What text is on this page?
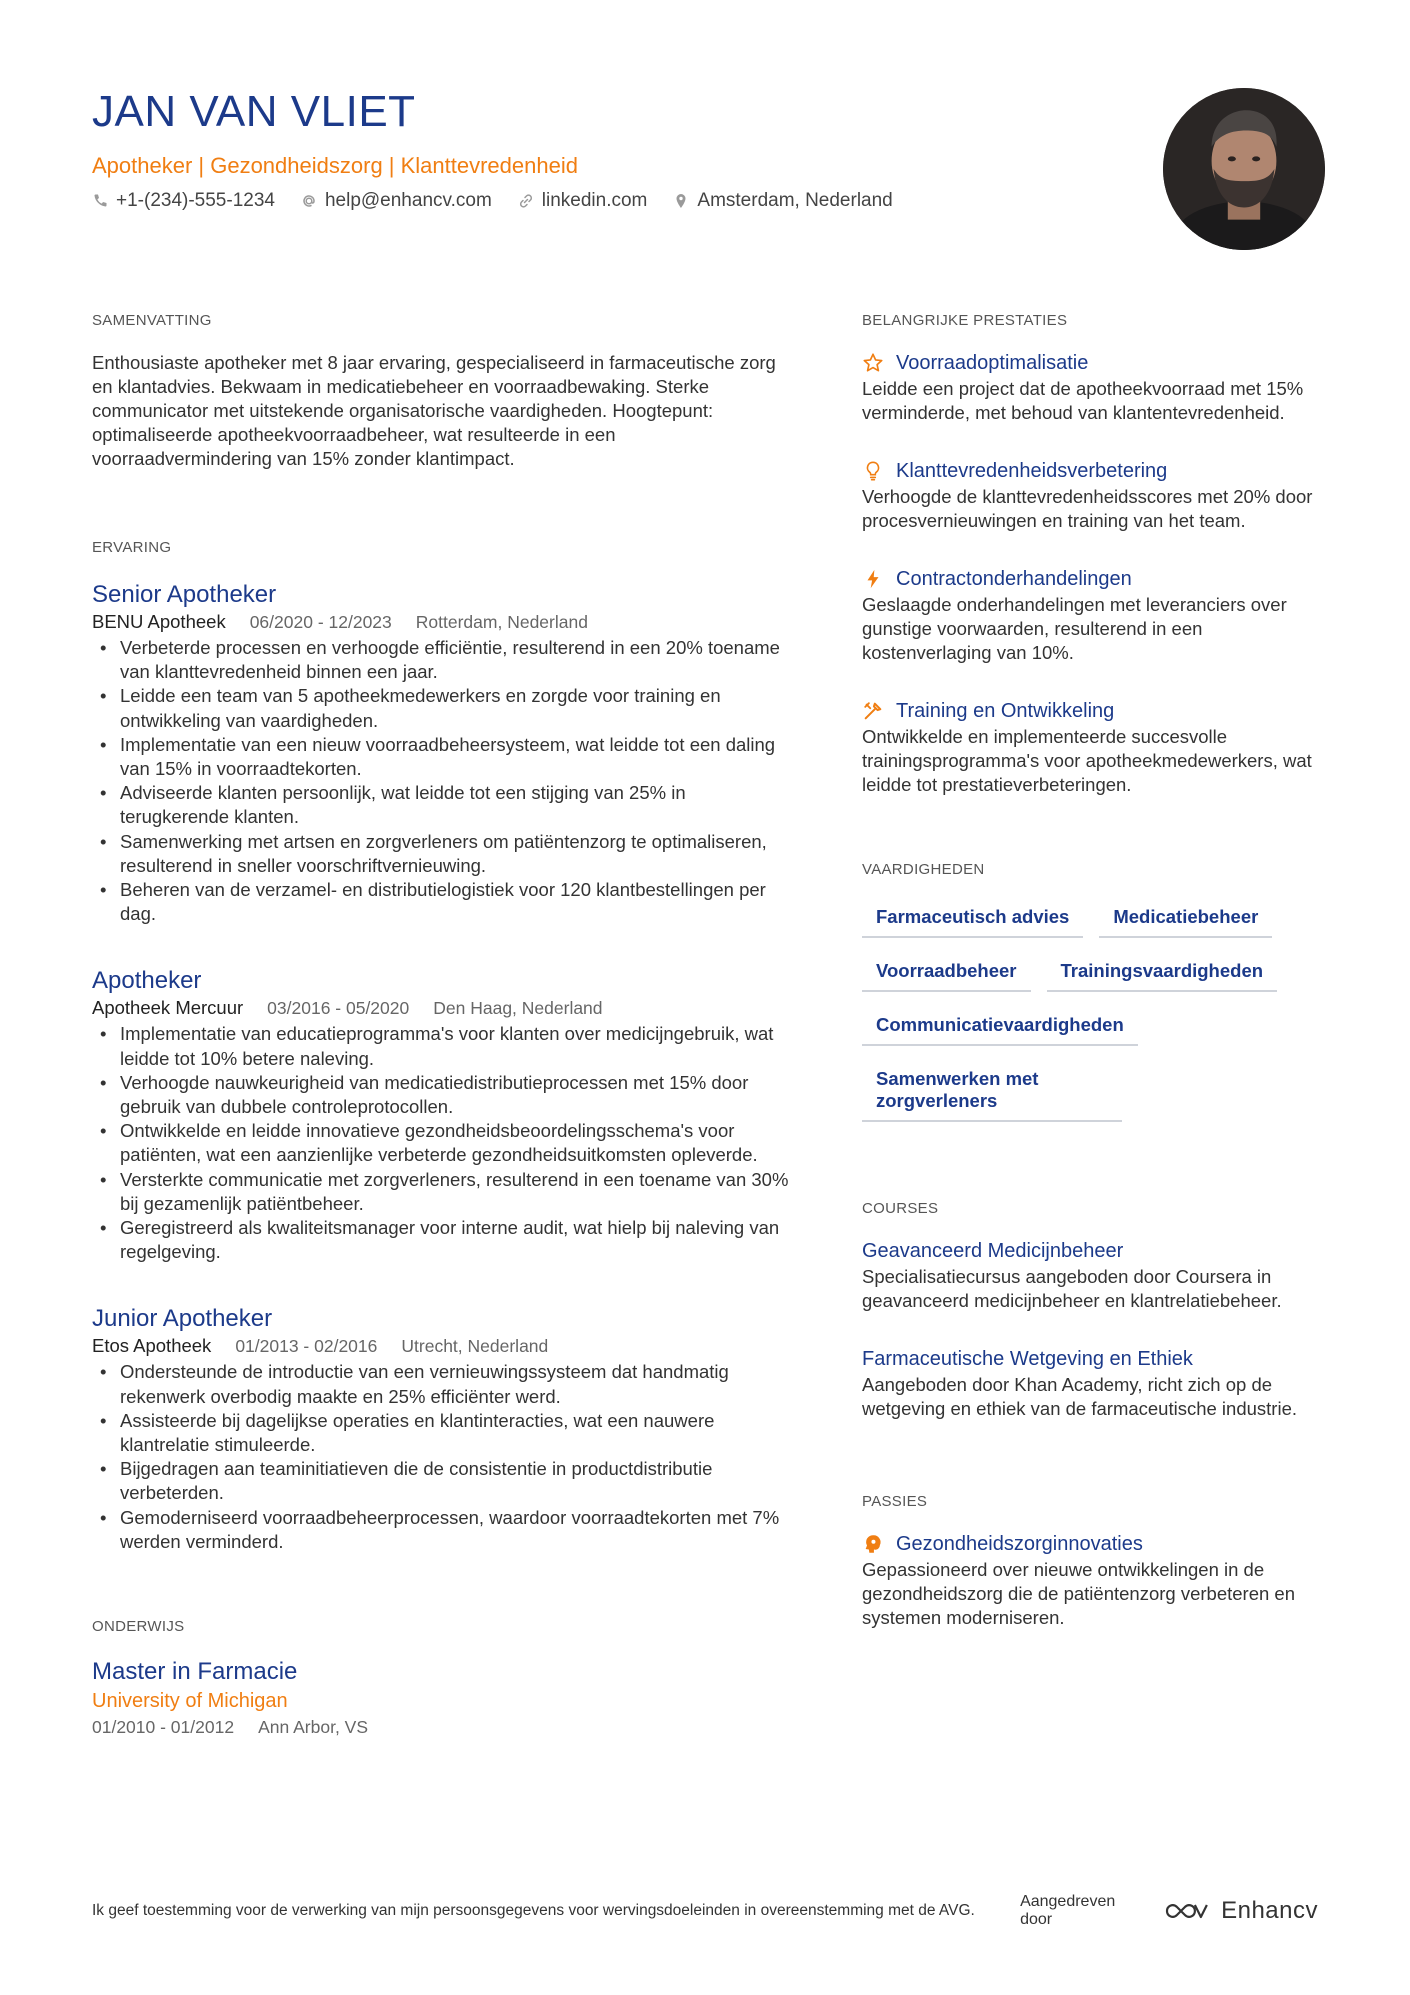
JAN VAN VLIET
Apotheker | Gezondheidszorg | Klanttevredenheid
+1-(234)-555-1234	help@enhancv.com	linkedin.com	Amsterdam, Nederland
SAMENVATTING
Enthousiaste apotheker met 8 jaar ervaring, gespecialiseerd in farmaceutische zorg en klantadvies. Bekwaam in medicatiebeheer en voorraadbewaking. Sterke communicator met uitstekende organisatorische vaardigheden. Hoogtepunt: optimaliseerde apotheekvoorraadbeheer, wat resulteerde in een voorraadvermindering van 15% zonder klantimpact.
ERVARING
Senior Apotheker
BENU Apotheek 06/2020 - 12/2023 Rotterdam, Nederland
• Verbeterde processen en verhoogde efficiëntie, resulterend in een 20% toename van klanttevredenheid binnen een jaar.
• Leidde een team van 5 apotheekmedewerkers en zorgde voor training en ontwikkeling van vaardigheden.
• Implementatie van een nieuw voorraadbeheersysteem, wat leidde tot een daling van 15% in voorraadtekorten.
• Adviseerde klanten persoonlijk, wat leidde tot een stijging van 25% in terugkerende klanten.
• Samenwerking met artsen en zorgverleners om patiëntenzorg te optimaliseren, resulterend in sneller voorschriftvernieuwing.
• Beheren van de verzamel- en distributielogistiek voor 120 klantbestellingen per dag.
Apotheker
Apotheek Mercuur 03/2016 - 05/2020 Den Haag, Nederland
• Implementatie van educatieprogramma's voor klanten over medicijngebruik, wat leidde tot 10% betere naleving.
• Verhoogde nauwkeurigheid van medicatiedistributieprocessen met 15% door gebruik van dubbele controleprotocollen.
• Ontwikkelde en leidde innovatieve gezondheidsbeoordelingsschema's voor patiënten, wat een aanzienlijke verbeterde gezondheidsuitkomsten opleverde.
• Versterkte communicatie met zorgverleners, resulterend in een toename van 30% bij gezamenlijk patiëntbeheer.
• Geregistreerd als kwaliteitsmanager voor interne audit, wat hielp bij naleving van regelgeving.
Junior Apotheker
Etos Apotheek 01/2013 - 02/2016 Utrecht, Nederland
• Ondersteunde de introductie van een vernieuwingssysteem dat handmatig rekenwerk overbodig maakte en 25% efficiënter werd.
• Assisteerde bij dagelijkse operaties en klantinteracties, wat een nauwere klantrelatie stimuleerde.
• Bijgedragen aan teaminitiatieven die de consistentie in productdistributie verbeterden.
• Gemoderniseerd voorraadbeheerprocessen, waardoor voorraadtekorten met 7% werden verminderd.
ONDERWIJS
Master in Farmacie
University of Michigan
01/2010 - 01/2012 Ann Arbor, VS
BELANGRIJKE PRESTATIES
Voorraadoptimalisatie
Leidde een project dat de apotheekvoorraad met 15% verminderde, met behoud van klantentevredenheid.
Klanttevredenheidsverbetering
Verhoogde de klanttevredenheidsscores met 20% door procesvernieuwingen en training van het team.
Contractonderhandelingen
Geslaagde onderhandelingen met leveranciers over gunstige voorwaarden, resulterend in een kostenverlaging van 10%.
Training en Ontwikkeling
Ontwikkelde en implementeerde succesvolle trainingsprogramma's voor apotheekmedewerkers, wat leidde tot prestatieverbeteringen.
VAARDIGHEDEN
Farmaceutisch advies	Medicatiebeheer
Voorraadbeheer	Trainingsvaardigheden
Communicatievaardigheden
Samenwerken met zorgverleners
COURSES
Geavanceerd Medicijnbeheer
Specialisatiecursus aangeboden door Coursera in geavanceerd medicijnbeheer en klantrelatiebeheer.
Farmaceutische Wetgeving en Ethiek
Aangeboden door Khan Academy, richt zich op de wetgeving en ethiek van de farmaceutische industrie.
PASSIES
Gezondheidszorginnovaties
Gepassioneerd over nieuwe ontwikkelingen in de gezondheidszorg die de patiëntenzorg verbeteren en systemen moderniseren.
Ik geef toestemming voor de verwerking van mijn persoonsgegevens voor wervingsdoeleinden in overeenstemming met de AVG.
Aangedreven door	Enhancv
